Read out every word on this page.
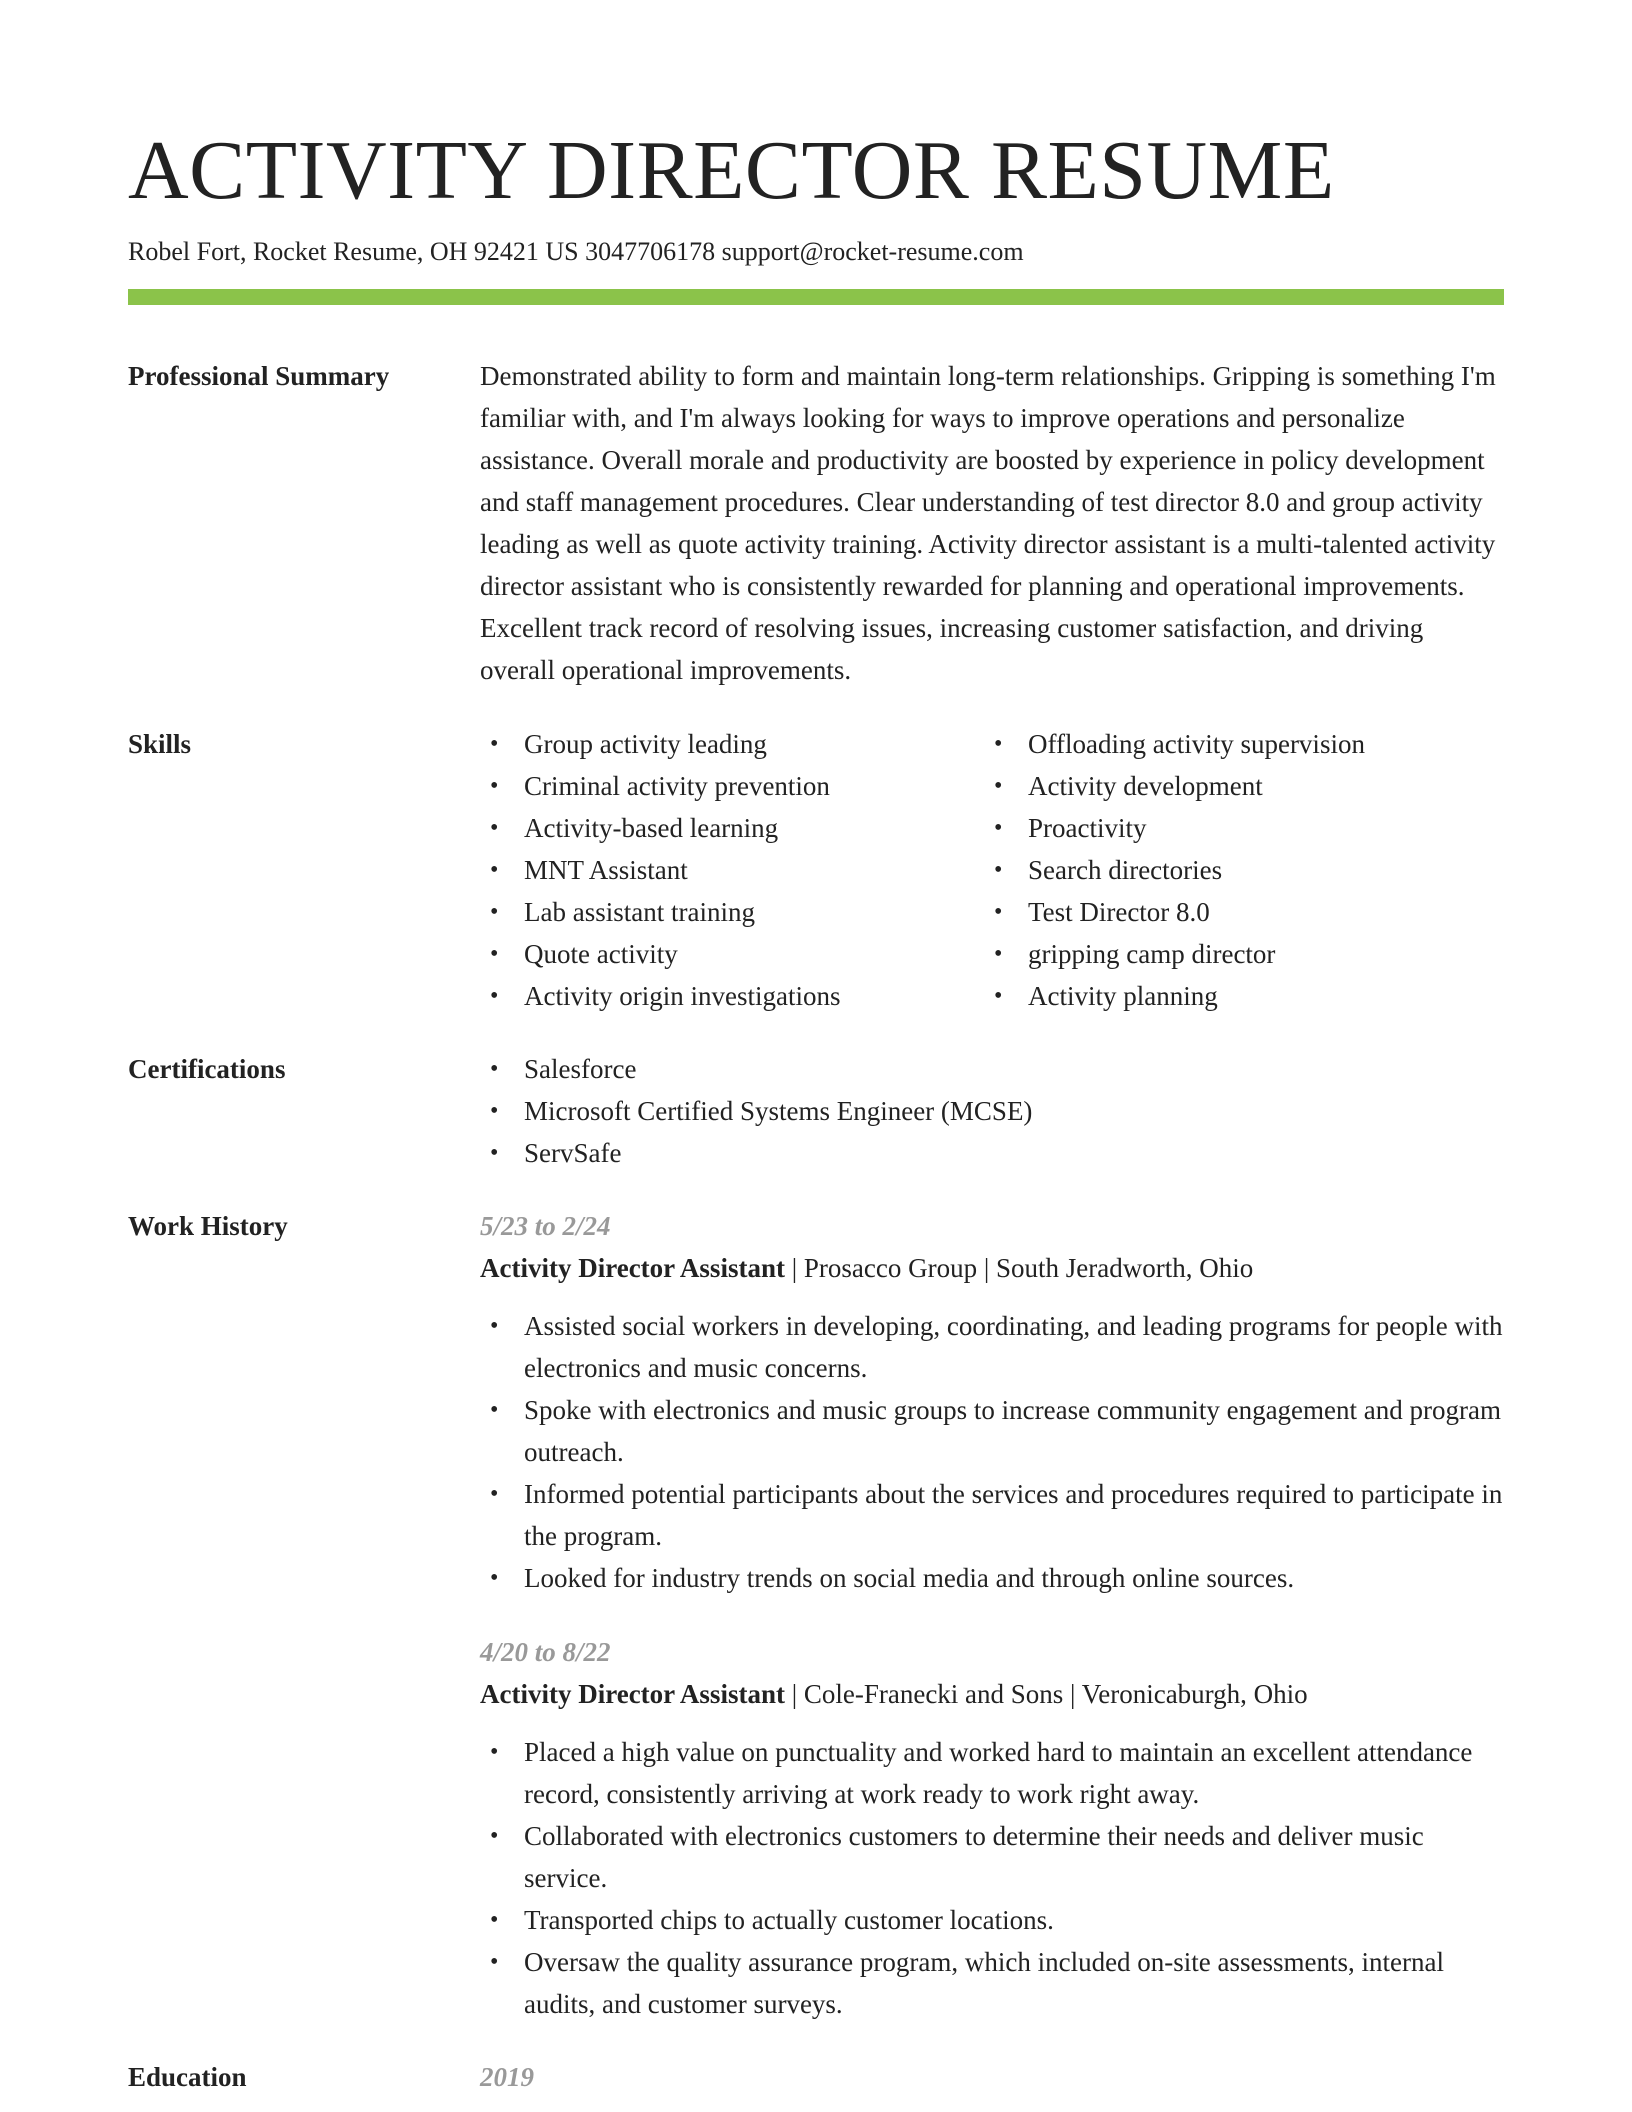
ACTIVITY DIRECTOR RESUME
Robel Fort, Rocket Resume, OH 92421 US 3047706178 support@rocket-resume.com
Professional Summary	Demonstrated ability to form and maintain long-term relationships. Gripping is something I'm familiar with, and I'm always looking for ways to improve operations and personalize assistance. Overall morale and productivity are boosted by experience in policy development and staff management procedures. Clear understanding of test director 8.0 and group activity leading as well as quote activity training. Activity director assistant is a multi-talented activity director assistant who is consistently rewarded for planning and operational improvements. Excellent track record of resolving issues, increasing customer satisfaction, and driving overall operational improvements.
Skills	• Group activity leading
• Criminal activity prevention
• Activity-based learning
• MNT Assistant
• Lab assistant training
• Quote activity
• Activity origin investigations
• Offloading activity supervision
• Activity development
• Proactivity
• Search directories
• Test Director 8.0
• gripping camp director
• Activity planning
Certifications	• Salesforce
• Microsoft Certified Systems Engineer (MCSE)
• ServSafe
Work History	5/23 to 2/24
Activity Director Assistant | Prosacco Group | South Jeradworth, Ohio
• Assisted social workers in developing, coordinating, and leading programs for people with electronics and music concerns.
• Spoke with electronics and music groups to increase community engagement and program outreach.
• Informed potential participants about the services and procedures required to participate in the program.
• Looked for industry trends on social media and through online sources.
4/20 to 8/22
Activity Director Assistant | Cole-Franecki and Sons | Veronicaburgh, Ohio
• Placed a high value on punctuality and worked hard to maintain an excellent attendance record, consistently arriving at work ready to work right away.
• Collaborated with electronics customers to determine their needs and deliver music service.
• Transported chips to actually customer locations.
• Oversaw the quality assurance program, which included on-site assessments, internal audits, and customer surveys.
Education	2019
